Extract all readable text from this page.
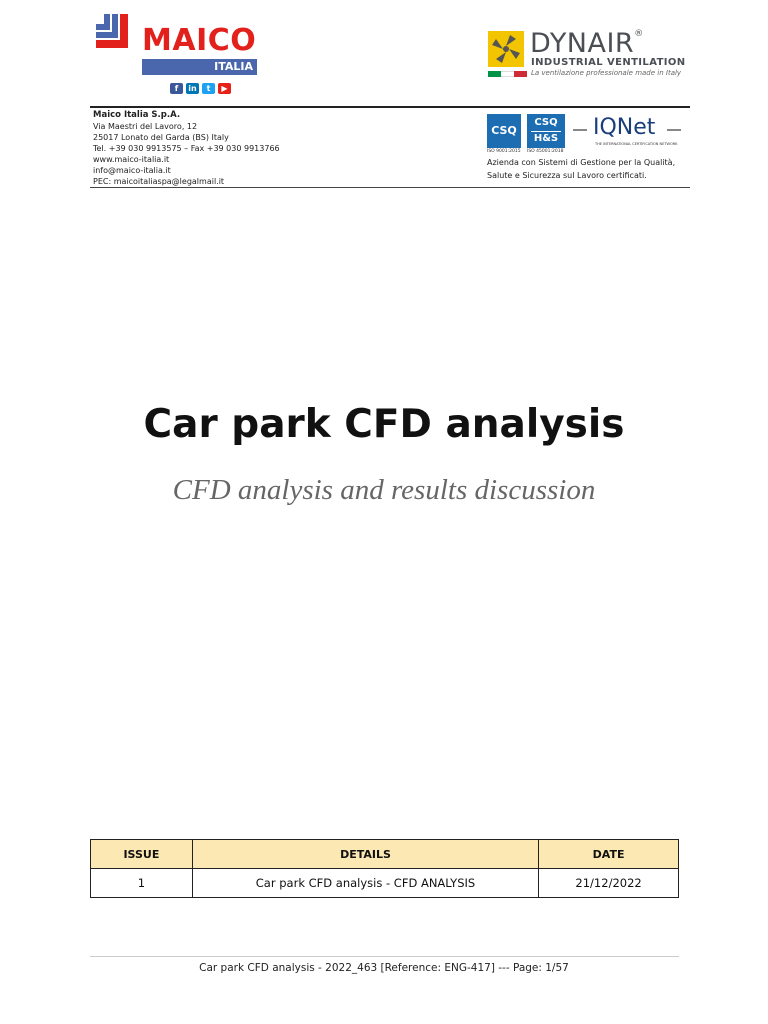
MAICO
ITALIA
f	in	t	▶
DYNAIR®
INDUSTRIAL VENTILATION
La ventilazione professionale made in Italy
Maico Italia S.p.A.
Via Maestri del Lavoro, 12
25017 Lonato del Garda (BS) Italy
Tel. +39 030 9913575 – Fax +39 030 9913766
www.maico-italia.it
info@maico-italia.it
PEC: maicoitaliaspa@legalmail.it
CSQ
ISO 9001:2015
CSQ
H&S
ISO 45001:2018
IQNet
THE INTERNATIONAL CERTIFICATION NETWORK
Azienda con Sistemi di Gestione per la Qualità,
Salute e Sicurezza sul Lavoro certificati.
Car park CFD analysis
CFD analysis and results discussion
ISSUE	DETAILS	DATE
1	Car park CFD analysis - CFD ANALYSIS	21/12/2022
Car park CFD analysis - 2022_463 [Reference: ENG-417] --- Page: 1/57
